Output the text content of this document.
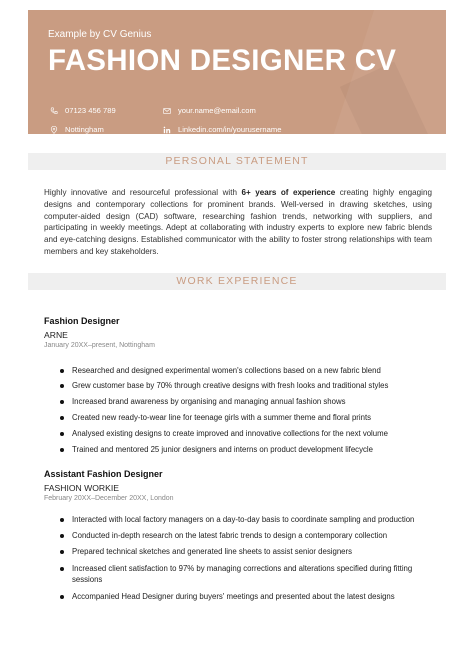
Example by CV Genius
FASHION DESIGNER CV
07123 456 789	your.name@email.com
Nottingham	Linkedin.com/in/yourusername
PERSONAL STATEMENT

Highly innovative and resourceful professional with 6+ years of experience creating highly engaging designs and contemporary collections for prominent brands. Well-versed in drawing sketches, using computer-aided design (CAD) software, researching fashion trends, networking with suppliers, and participating in weekly meetings. Adept at collaborating with industry experts to explore new fabric blends and eye-catching designs. Established communicator with the ability to foster strong relationships with team members and key stakeholders.

WORK EXPERIENCE
Fashion Designer
ARNE
January 20XX–present, Nottingham
Researched and designed experimental women's collections based on a new fabric blend
Grew customer base by 70% through creative designs with fresh looks and traditional styles
Increased brand awareness by organising and managing annual fashion shows
Created new ready-to-wear line for teenage girls with a summer theme and floral prints
Analysed existing designs to create improved and innovative collections for the next volume
Trained and mentored 25 junior designers and interns on product development lifecycle
Assistant Fashion Designer
FASHION WORKIE
February 20XX–December 20XX, London
Interacted with local factory managers on a day-to-day basis to coordinate sampling and production
Conducted in-depth research on the latest fabric trends to design a contemporary collection
Prepared technical sketches and generated line sheets to assist senior designers
Increased client satisfaction to 97% by managing corrections and alterations specified during fitting sessions
Accompanied Head Designer during buyers' meetings and presented about the latest designs
